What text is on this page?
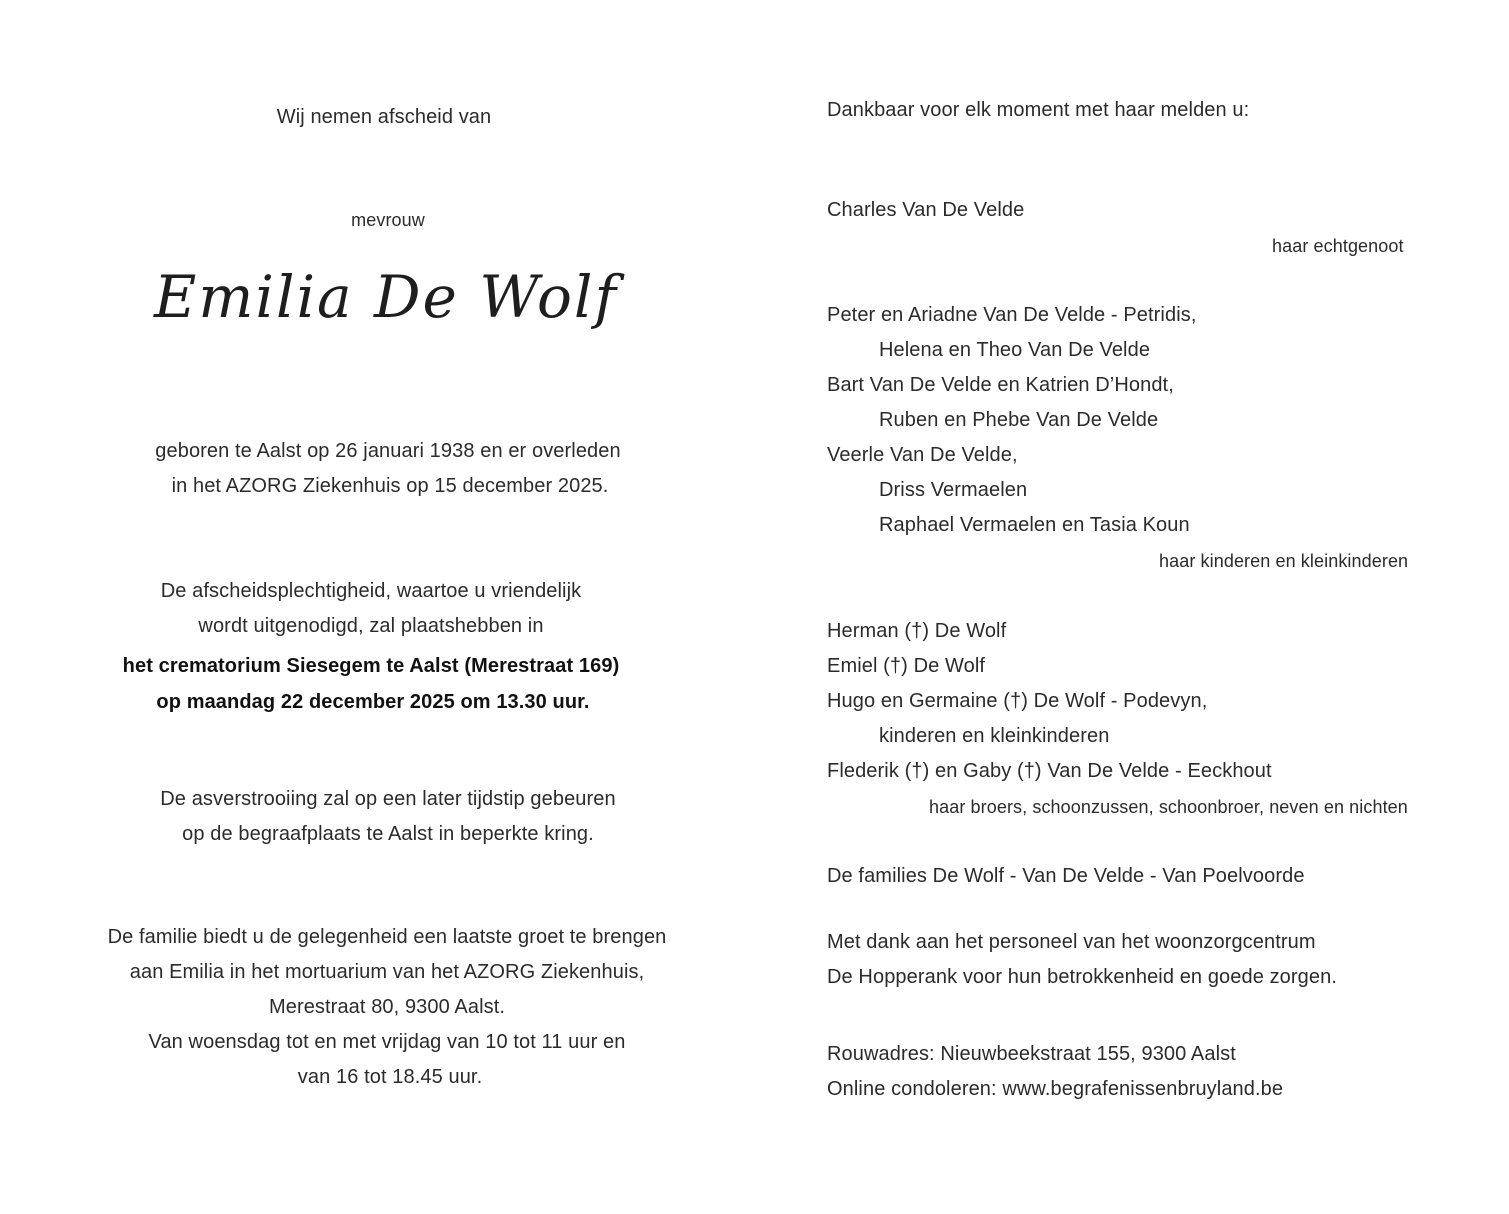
Wij nemen afscheid van
mevrouw
Emilia De Wolf
geboren te Aalst op 26 januari 1938 en er overleden
in het AZORG Ziekenhuis op 15 december 2025.
De afscheidsplechtigheid, waartoe u vriendelijk
wordt uitgenodigd, zal plaatshebben in
het crematorium Siesegem te Aalst (Merestraat 169)
op maandag 22 december 2025 om 13.30 uur.
De asverstrooiing zal op een later tijdstip gebeuren
op de begraafplaats te Aalst in beperkte kring.
De familie biedt u de gelegenheid een laatste groet te brengen
aan Emilia in het mortuarium van het AZORG Ziekenhuis,
Merestraat 80, 9300 Aalst.
Van woensdag tot en met vrijdag van 10 tot 11 uur en
van 16 tot 18.45 uur.
Dankbaar voor elk moment met haar melden u:
Charles Van De Velde
haar echtgenoot
Peter en Ariadne Van De Velde - Petridis,
Helena en Theo Van De Velde
Bart Van De Velde en Katrien D’Hondt,
Ruben en Phebe Van De Velde
Veerle Van De Velde,
Driss Vermaelen
Raphael Vermaelen en Tasia Koun
haar kinderen en kleinkinderen
Herman (†) De Wolf
Emiel (†) De Wolf
Hugo en Germaine (†) De Wolf - Podevyn,
kinderen en kleinkinderen
Flederik (†) en Gaby (†) Van De Velde - Eeckhout
haar broers, schoonzussen, schoonbroer, neven en nichten
De families De Wolf - Van De Velde - Van Poelvoorde
Met dank aan het personeel van het woonzorgcentrum
De Hopperank voor hun betrokkenheid en goede zorgen.
Rouwadres: Nieuwbeekstraat 155, 9300 Aalst
Online condoleren: www.begrafenissenbruyland.be
